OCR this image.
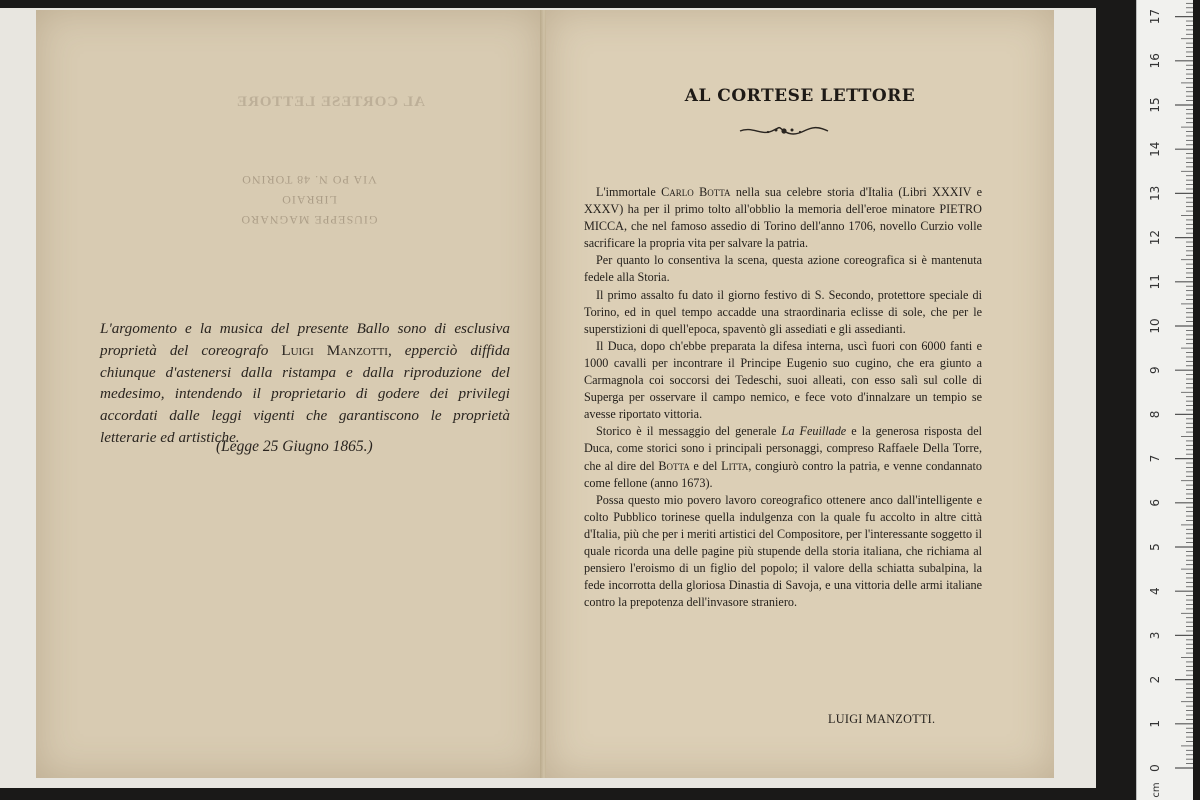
AL CORTESE LETTORE
GIUSEPPE MAGNARO
LIBRAIO
VIA PO N. 48 TORINO
L'argomento e la musica del presente Ballo sono di esclusiva proprietà del coreografo Luigi Manzotti, epperciò diffida chiunque d'astenersi dalla ristampa e dalla riproduzione del medesimo, intendendo il proprietario di godere dei privilegi accordati dalle leggi vigenti che garantiscono le proprietà letterarie ed artistiche.
(Legge 25 Giugno 1865.)
AL CORTESE LETTORE

L'immortale Carlo Botta nella sua celebre storia d'Italia (Libri XXXIV e XXXV) ha per il primo tolto all'obblio la memoria dell'eroe minatore PIETRO MICCA, che nel famoso assedio di Torino dell'anno 1706, novello Curzio volle sacrificare la propria vita per salvare la patria.

Per quanto lo consentiva la scena, questa azione coreografica si è mantenuta fedele alla Storia.

Il primo assalto fu dato il giorno festivo di S. Secondo, protettore speciale di Torino, ed in quel tempo accadde una straordinaria eclisse di sole, che per le superstizioni di quell'epoca, spaventò gli assediati e gli assedianti.

Il Duca, dopo ch'ebbe preparata la difesa interna, uscì fuori con 6000 fanti e 1000 cavalli per incontrare il Principe Eugenio suo cugino, che era giunto a Carmagnola coi soccorsi dei Tedeschi, suoi alleati, con esso salì sul colle di Superga per osservare il campo nemico, e fece voto d'innalzare un tempio se avesse riportato vittoria.

Storico è il messaggio del generale La Feuillade e la generosa risposta del Duca, come storici sono i principali personaggi, compreso Raffaele Della Torre, che al dire del Botta e del Litta, congiurò contro la patria, e venne condannato come fellone (anno 1673).

Possa questo mio povero lavoro coreografico ottenere anco dall'intelligente e colto Pubblico torinese quella indulgenza con la quale fu accolto in altre città d'Italia, più che per i meriti artistici del Compositore, per l'interessante soggetto il quale ricorda una delle pagine più stupende della storia italiana, che richiama al pensiero l'eroismo di un figlio del popolo; il valore della schiatta subalpina, la fede incorrotta della gloriosa Dinastia di Savoja, e una vittoria delle armi italiane contro la prepotenza dell'invasore straniero.

LUIGI MANZOTTI.
0
1
2
3
4
5
6
7
8
9
10
11
12
13
14
15
16
17
cm
